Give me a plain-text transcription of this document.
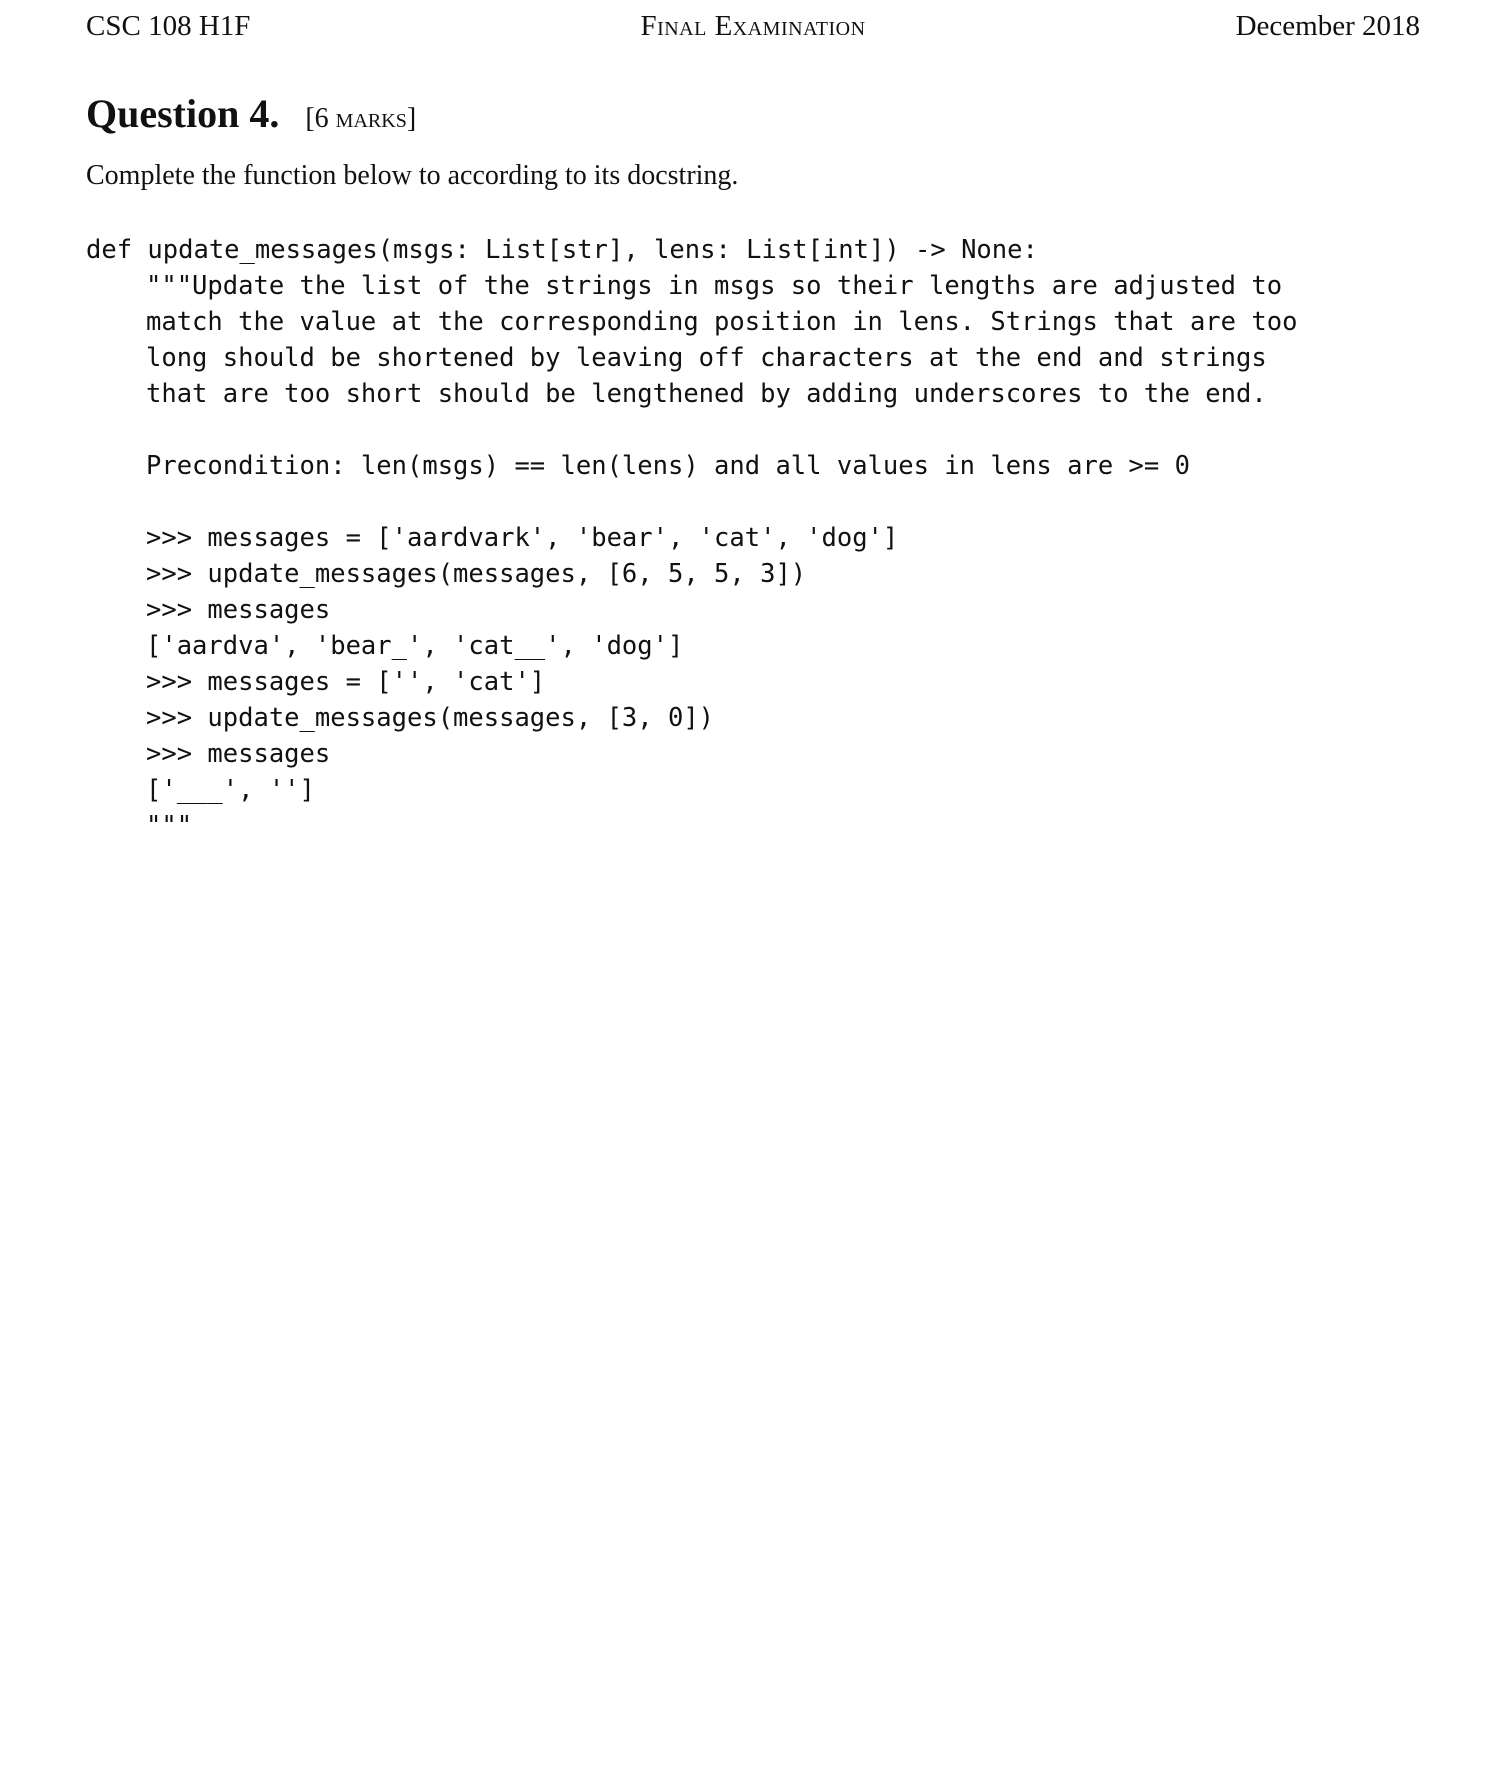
CSC 108 H1F	Final Examination	December 2018
Question 4. [6 marks]
Complete the function below to according to its docstring.
def update_messages(msgs: List[str], lens: List[int]) -> None:
"""Update the list of the strings in msgs so their lengths are adjusted to
match the value at the corresponding position in lens. Strings that are too
long should be shortened by leaving off characters at the end and strings
that are too short should be lengthened by adding underscores to the end.
Precondition: len(msgs) == len(lens) and all values in lens are >= 0
>>> messages = ['aardvark', 'bear', 'cat', 'dog']
>>> update_messages(messages, [6, 5, 5, 3])
>>> messages
['aardva', 'bear_', 'cat__', 'dog']
>>> messages = ['', 'cat']
>>> update_messages(messages, [3, 0])
>>> messages
['___', '']
"""
